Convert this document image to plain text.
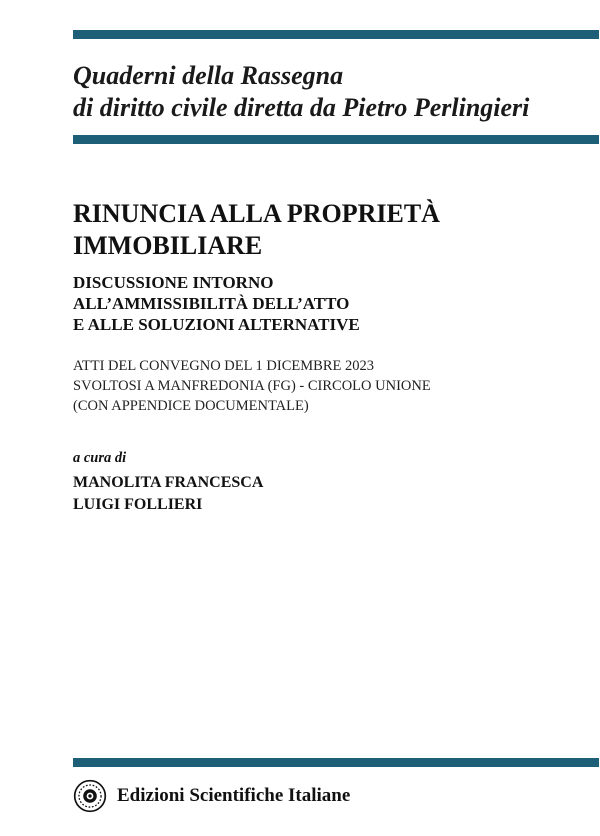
Quaderni della Rassegna
di diritto civile diretta da Pietro Perlingieri
RINUNCIA ALLA PROPRIETÀ
IMMOBILIARE
DISCUSSIONE INTORNO
ALL’AMMISSIBILITÀ DELL’ATTO
E ALLE SOLUZIONI ALTERNATIVE
ATTI DEL CONVEGNO DEL 1 DICEMBRE 2023
SVOLTOSI A MANFREDONIA (FG) - CIRCOLO UNIONE
(CON APPENDICE DOCUMENTALE)
a cura di
MANOLITA FRANCESCA
LUIGI FOLLIERI
Edizioni Scientifiche Italiane
